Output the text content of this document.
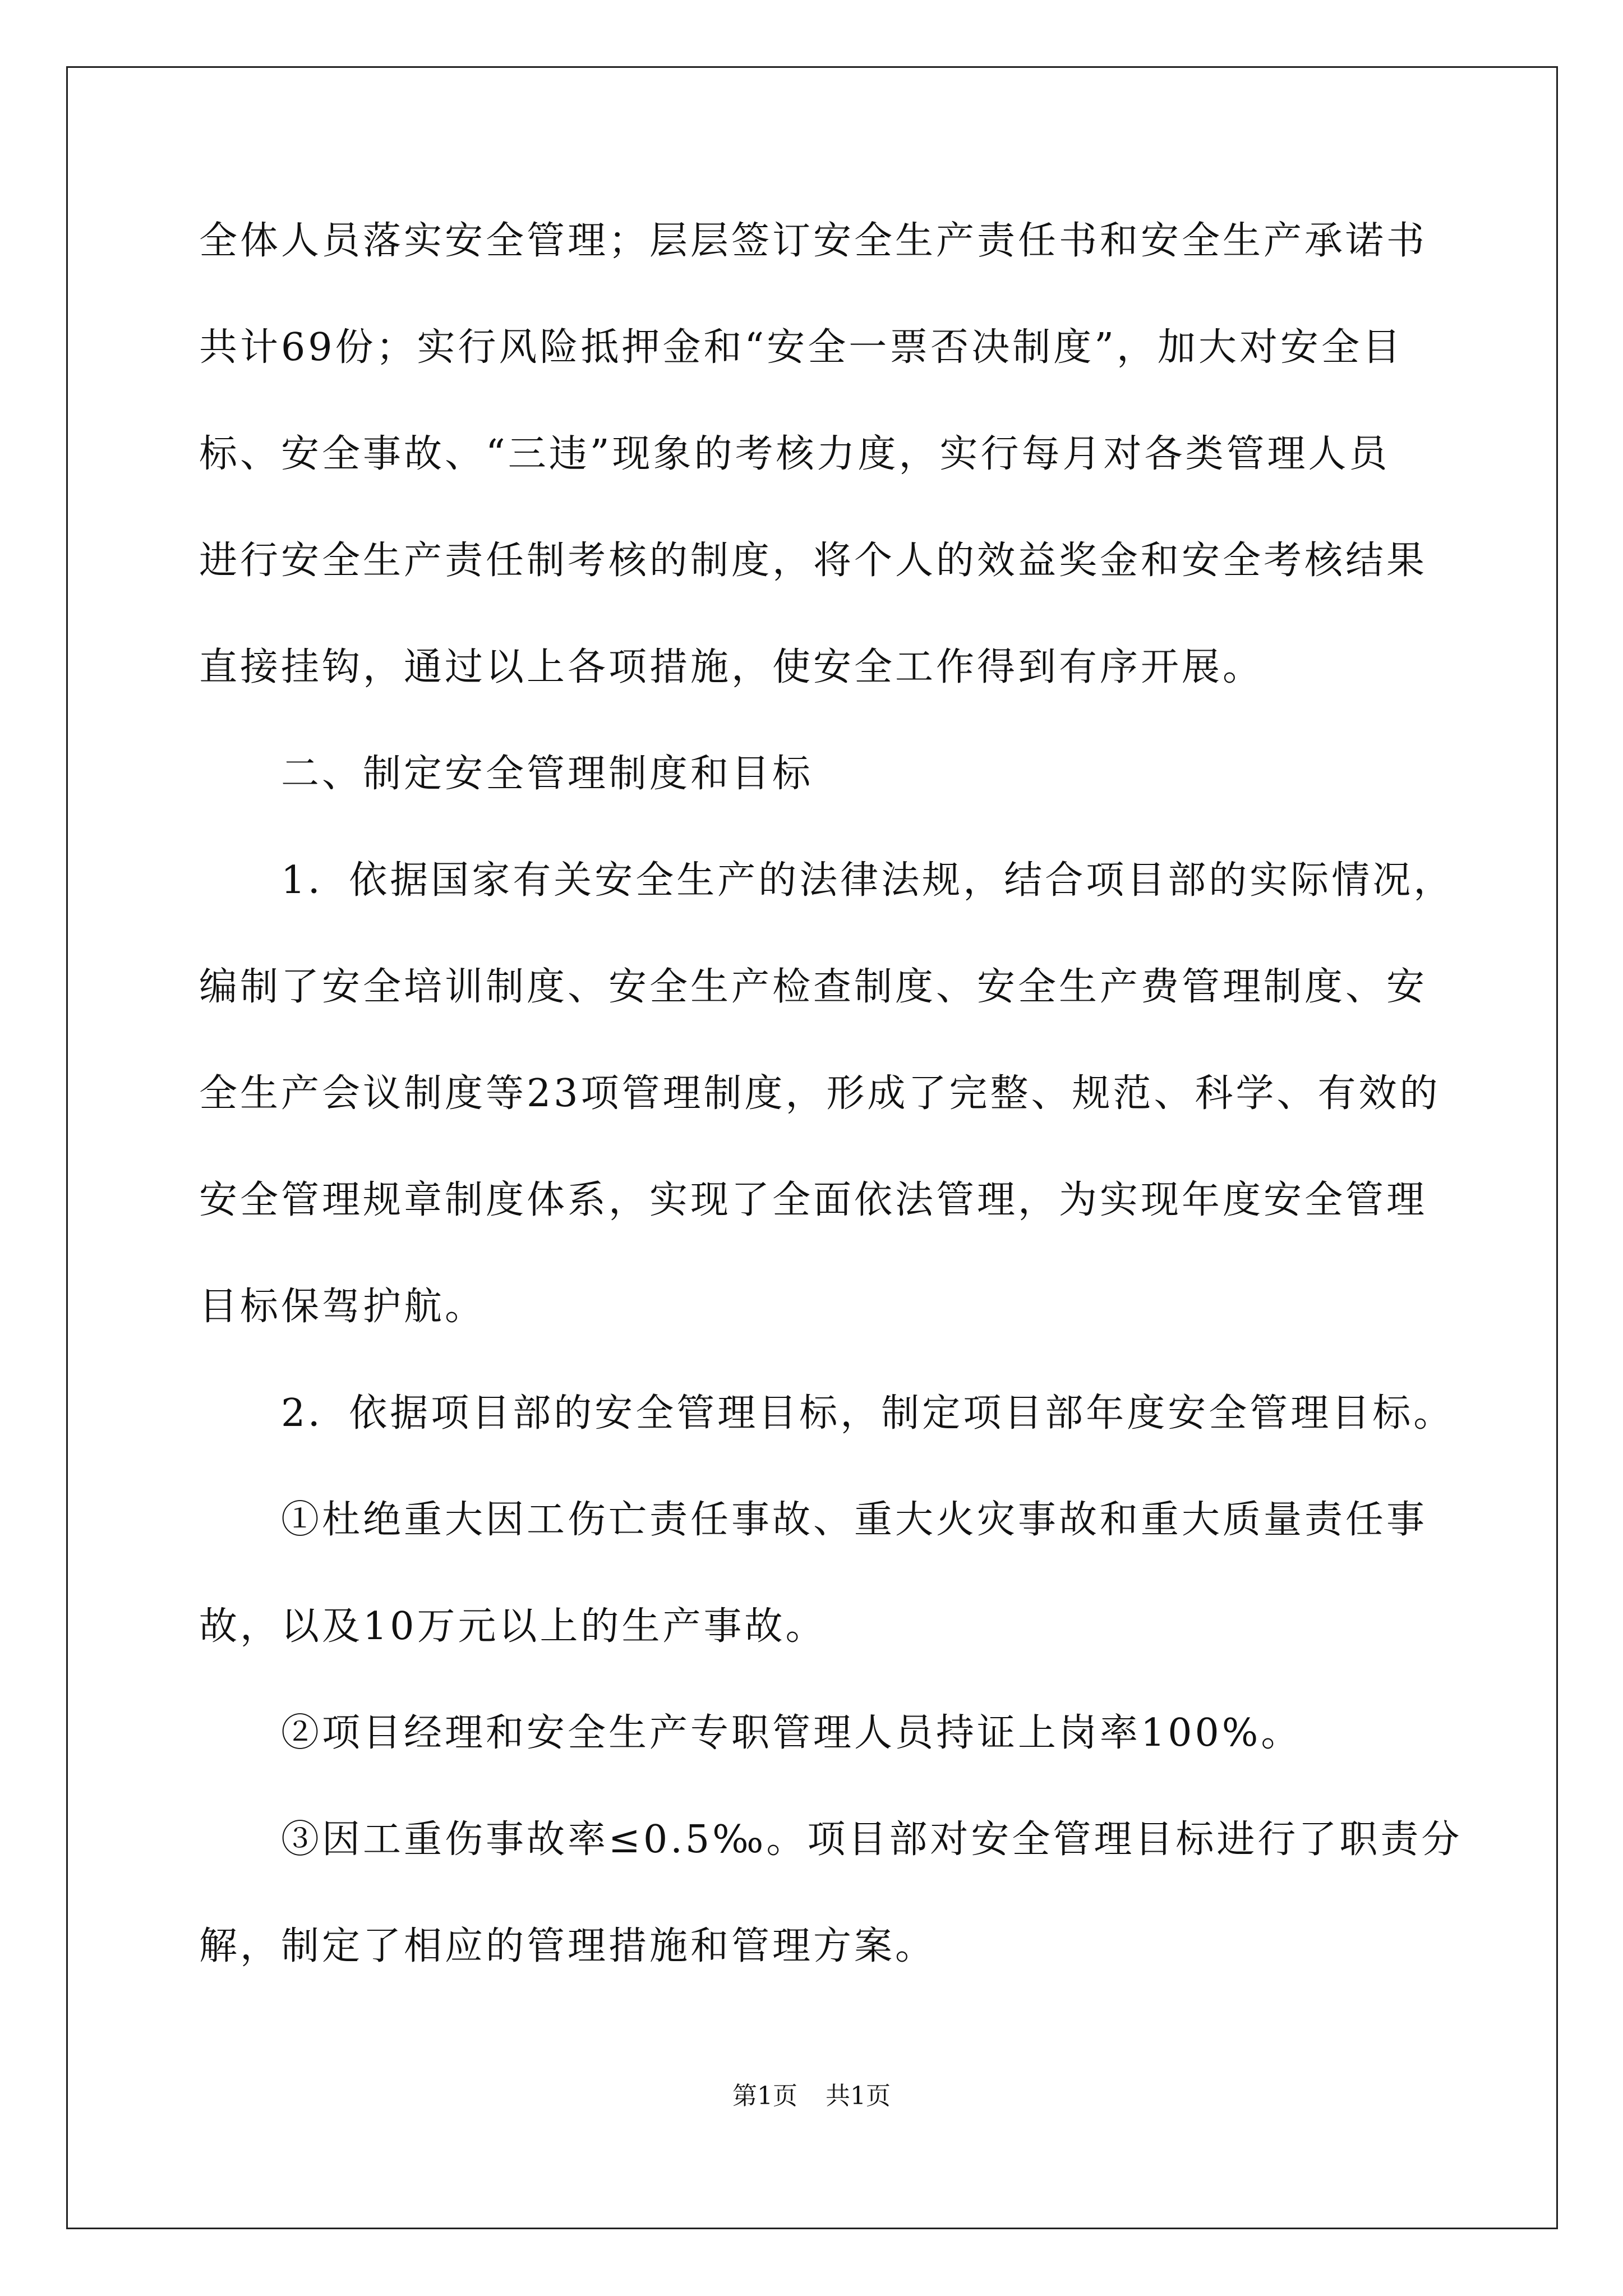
全体人员落实安全管理；层层签订安全生产责任书和安全生产承诺书
共计69份；实行风险抵押金和“安全一票否决制度”，加大对安全目
标、安全事故、“三违”现象的考核力度，实行每月对各类管理人员
进行安全生产责任制考核的制度，将个人的效益奖金和安全考核结果
直接挂钩，通过以上各项措施，使安全工作得到有序开展。
二、制定安全管理制度和目标
1．依据国家有关安全生产的法律法规，结合项目部的实际情况，
编制了安全培训制度、安全生产检查制度、安全生产费管理制度、安
全生产会议制度等23项管理制度，形成了完整、规范、科学、有效的
安全管理规章制度体系，实现了全面依法管理，为实现年度安全管理
目标保驾护航。
2．依据项目部的安全管理目标，制定项目部年度安全管理目标。
①杜绝重大因工伤亡责任事故、重大火灾事故和重大质量责任事
故，以及10万元以上的生产事故。
②项目经理和安全生产专职管理人员持证上岗率100%。
③因工重伤事故率≤0.5‰。项目部对安全管理目标进行了职责分
解，制定了相应的管理措施和管理方案。
第1页 共1页
